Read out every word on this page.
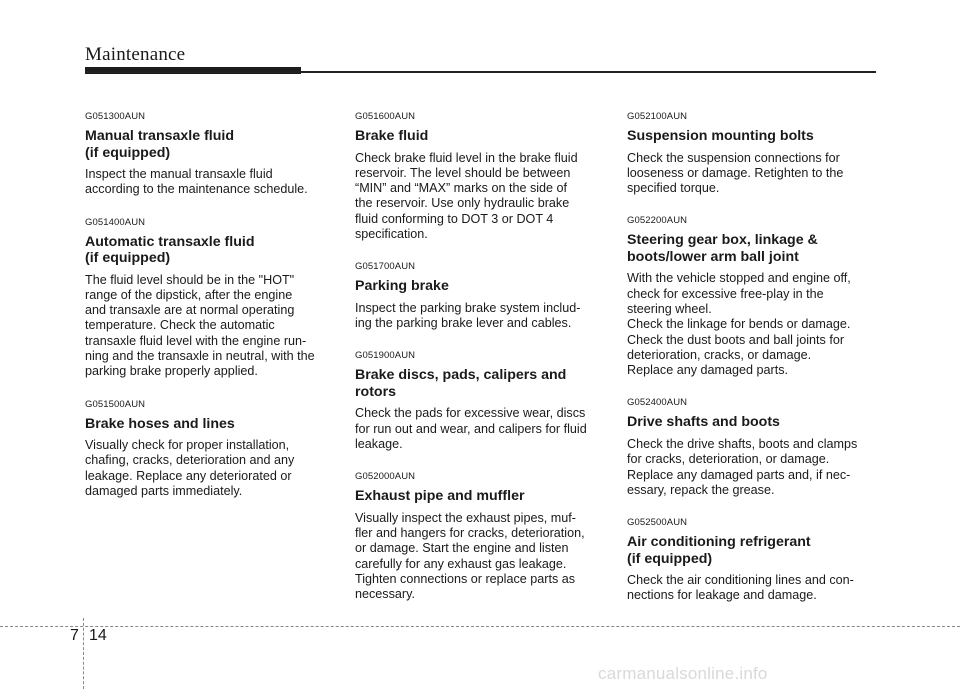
Maintenance
G051300AUN
Manual transaxle fluid
(if equipped)

Inspect the manual transaxle fluid
according to the maintenance schedule.

G051400AUN
Automatic transaxle fluid
(if equipped)

The fluid level should be in the "HOT"
range of the dipstick, after the engine
and transaxle are at normal operating
temperature. Check the automatic
transaxle fluid level with the engine run-
ning and the transaxle in neutral, with the
parking brake properly applied.

G051500AUN
Brake hoses and lines

Visually check for proper installation,
chafing, cracks, deterioration and any
leakage. Replace any deteriorated or
damaged parts immediately.

G051600AUN
Brake fluid

Check brake fluid level in the brake fluid
reservoir. The level should be between
“MIN” and “MAX” marks on the side of
the reservoir. Use only hydraulic brake
fluid conforming to DOT 3 or DOT 4
specification.

G051700AUN
Parking brake

Inspect the parking brake system includ-
ing the parking brake lever and cables.

G051900AUN
Brake discs, pads, calipers and
rotors

Check the pads for excessive wear, discs
for run out and wear, and calipers for fluid
leakage.

G052000AUN
Exhaust pipe and muffler

Visually inspect the exhaust pipes, muf-
fler and hangers for cracks, deterioration,
or damage. Start the engine and listen
carefully for any exhaust gas leakage.
Tighten connections or replace parts as
necessary.

G052100AUN
Suspension mounting bolts

Check the suspension connections for
looseness or damage. Retighten to the
specified torque.

G052200AUN
Steering gear box, linkage &
boots/lower arm ball joint

With the vehicle stopped and engine off,
check for excessive free-play in the
steering wheel.
Check the linkage for bends or damage.
Check the dust boots and ball joints for
deterioration, cracks, or damage.
Replace any damaged parts.

G052400AUN
Drive shafts and boots

Check the drive shafts, boots and clamps
for cracks, deterioration, or damage.
Replace any damaged parts and, if nec-
essary, repack the grease.

G052500AUN
Air conditioning refrigerant
(if equipped)

Check the air conditioning lines and con-
nections for leakage and damage.

7 14
carmanualsonline.info
